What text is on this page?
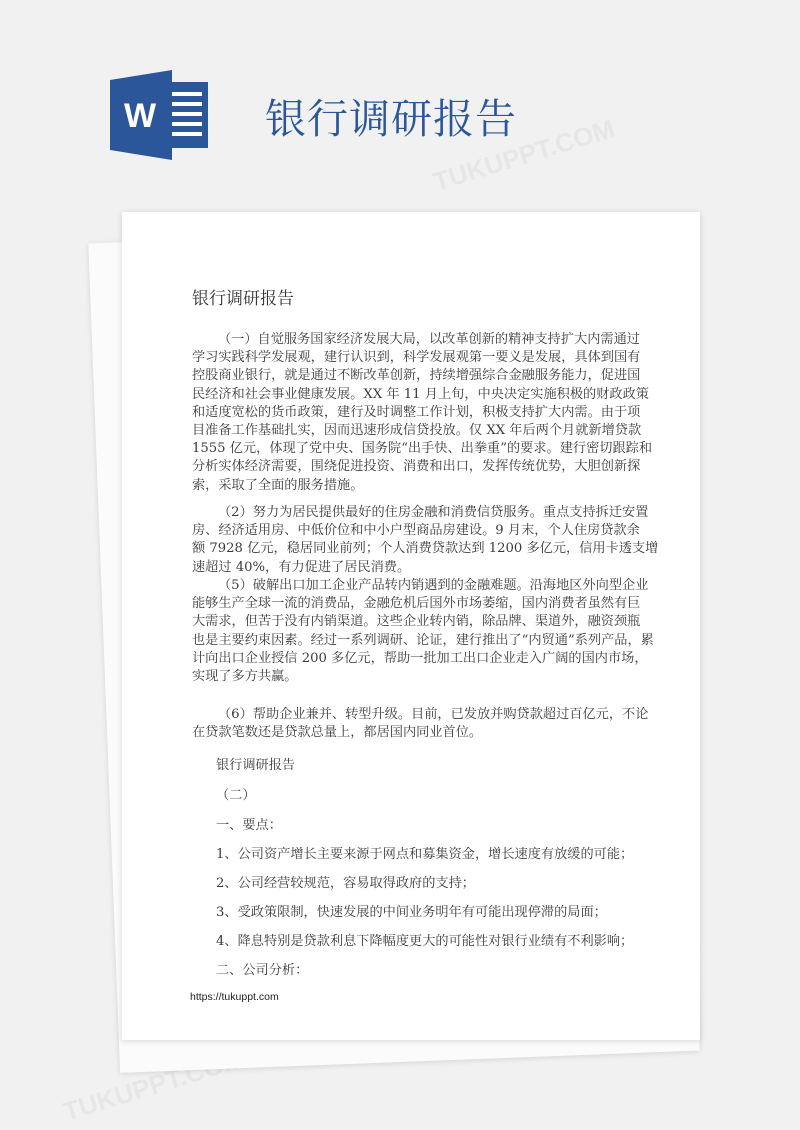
W	银行调研报告
银行调研报告
（一）自觉服务国家经济发展大局，以改革创新的精神支持扩大内需通过
学习实践科学发展观，建行认识到，科学发展观第一要义是发展，具体到国有
控股商业银行，就是通过不断改革创新，持续增强综合金融服务能力，促进国
民经济和社会事业健康发展。XX 年 11 月上旬，中央决定实施积极的财政政策
和适度宽松的货币政策，建行及时调整工作计划，积极支持扩大内需。由于项
目准备工作基础扎实，因而迅速形成信贷投放。仅 XX 年后两个月就新增贷款
1555 亿元，体现了党中央、国务院“出手快、出拳重”的要求。建行密切跟踪和
分析实体经济需要，围绕促进投资、消费和出口，发挥传统优势，大胆创新探
索，采取了全面的服务措施。
（2）努力为居民提供最好的住房金融和消费信贷服务。重点支持拆迁安置
房、经济适用房、中低价位和中小户型商品房建设。9 月末，个人住房贷款余
额 7928 亿元，稳居同业前列；个人消费贷款达到 1200 多亿元，信用卡透支增
速超过 40%，有力促进了居民消费。
（5）破解出口加工企业产品转内销遇到的金融难题。沿海地区外向型企业
能够生产全球一流的消费品，金融危机后国外市场萎缩，国内消费者虽然有巨
大需求，但苦于没有内销渠道。这些企业转内销，除品牌、渠道外，融资颈瓶
也是主要约束因素。经过一系列调研、论证，建行推出了“内贸通”系列产品，累
计向出口企业授信 200 多亿元，帮助一批加工出口企业走入广阔的国内市场，
实现了多方共赢。
（6）帮助企业兼并、转型升级。目前，已发放并购贷款超过百亿元，不论
在贷款笔数还是贷款总量上，都居国内同业首位。
银行调研报告
（二）
一、要点：
1、公司资产增长主要来源于网点和募集资金，增长速度有放缓的可能；
2、公司经营较规范，容易取得政府的支持；
3、受政策限制，快速发展的中间业务明年有可能出现停滞的局面；
4、降息特别是贷款利息下降幅度更大的可能性对银行业绩有不利影响；
二、公司分析：
https://tukuppt.com
